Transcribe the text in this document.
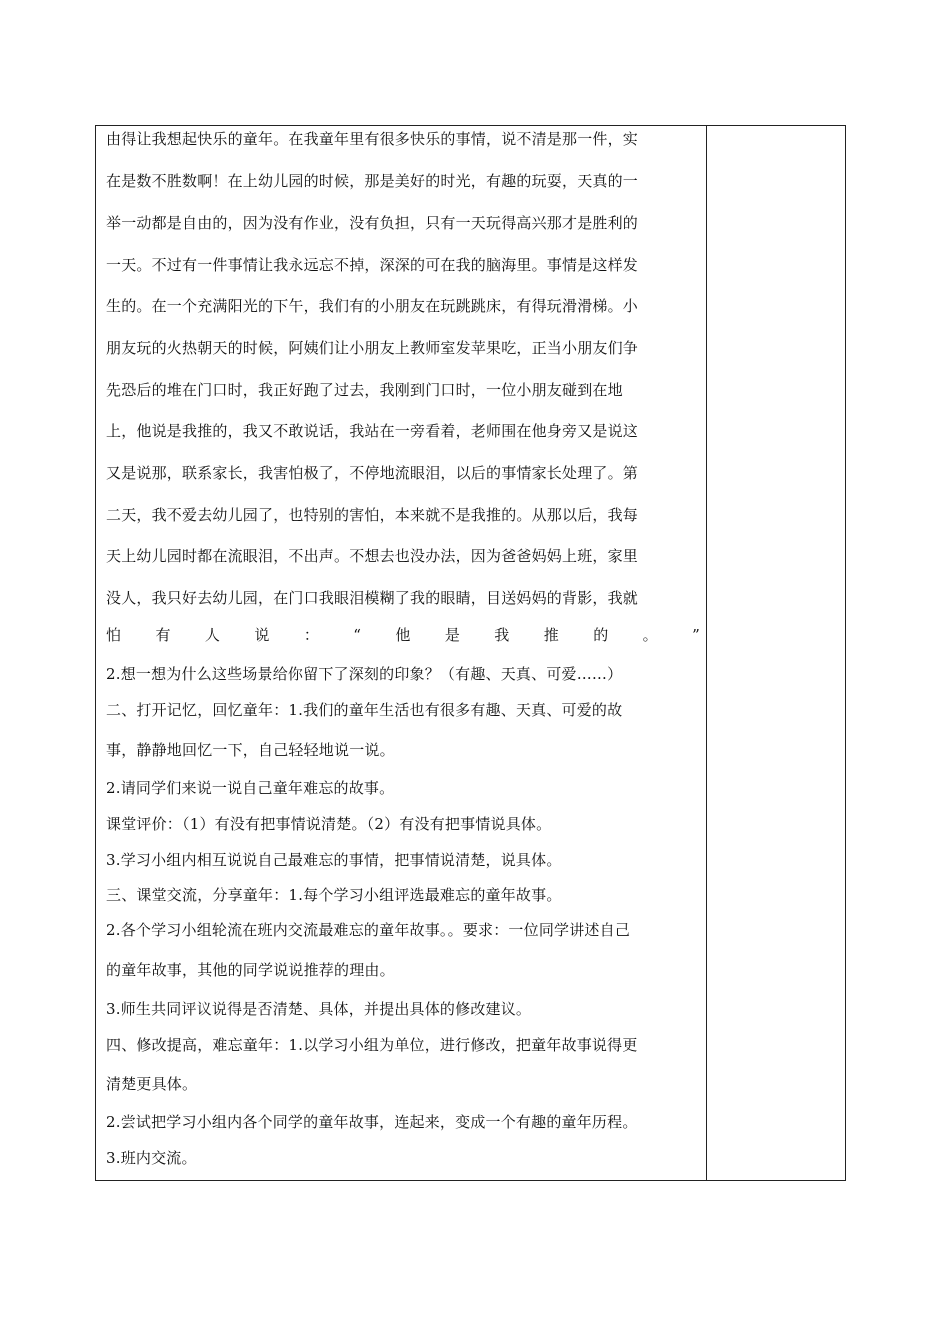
由得让我想起快乐的童年。在我童年里有很多快乐的事情，说不清是那一件，实
在是数不胜数啊！在上幼儿园的时候，那是美好的时光，有趣的玩耍，天真的一
举一动都是自由的，因为没有作业，没有负担，只有一天玩得高兴那才是胜利的
一天。不过有一件事情让我永远忘不掉，深深的可在我的脑海里。事情是这样发
生的。在一个充满阳光的下午，我们有的小朋友在玩跳跳床，有得玩滑滑梯。小
朋友玩的火热朝天的时候，阿姨们让小朋友上教师室发苹果吃，正当小朋友们争
先恐后的堆在门口时，我正好跑了过去，我刚到门口时，一位小朋友碰到在地
上，他说是我推的，我又不敢说话，我站在一旁看着，老师围在他身旁又是说这
又是说那，联系家长，我害怕极了，不停地流眼泪，以后的事情家长处理了。第
二天，我不爱去幼儿园了，也特别的害怕，本来就不是我推的。从那以后，我每
天上幼儿园时都在流眼泪，不出声。不想去也没办法，因为爸爸妈妈上班，家里
没人，我只好去幼儿园，在门口我眼泪模糊了我的眼睛，目送妈妈的背影，我就
怕 有 人 说 ： “ 他 是 我 推 的 。 ”
2.想一想为什么这些场景给你留下了深刻的印象？（有趣、天真、可爱……）
二、打开记忆，回忆童年：1.我们的童年生活也有很多有趣、天真、可爱的故
事，静静地回忆一下，自己轻轻地说一说。
2.请同学们来说一说自己童年难忘的故事。
课堂评价：（1）有没有把事情说清楚。（2）有没有把事情说具体。
3.学习小组内相互说说自己最难忘的事情，把事情说清楚，说具体。
三、课堂交流，分享童年：1.每个学习小组评选最难忘的童年故事。
2.各个学习小组轮流在班内交流最难忘的童年故事。。要求：一位同学讲述自己
的童年故事，其他的同学说说推荐的理由。
3.师生共同评议说得是否清楚、具体，并提出具体的修改建议。
四、修改提高，难忘童年：1.以学习小组为单位，进行修改，把童年故事说得更
清楚更具体。
2.尝试把学习小组内各个同学的童年故事，连起来，变成一个有趣的童年历程。
3.班内交流。
